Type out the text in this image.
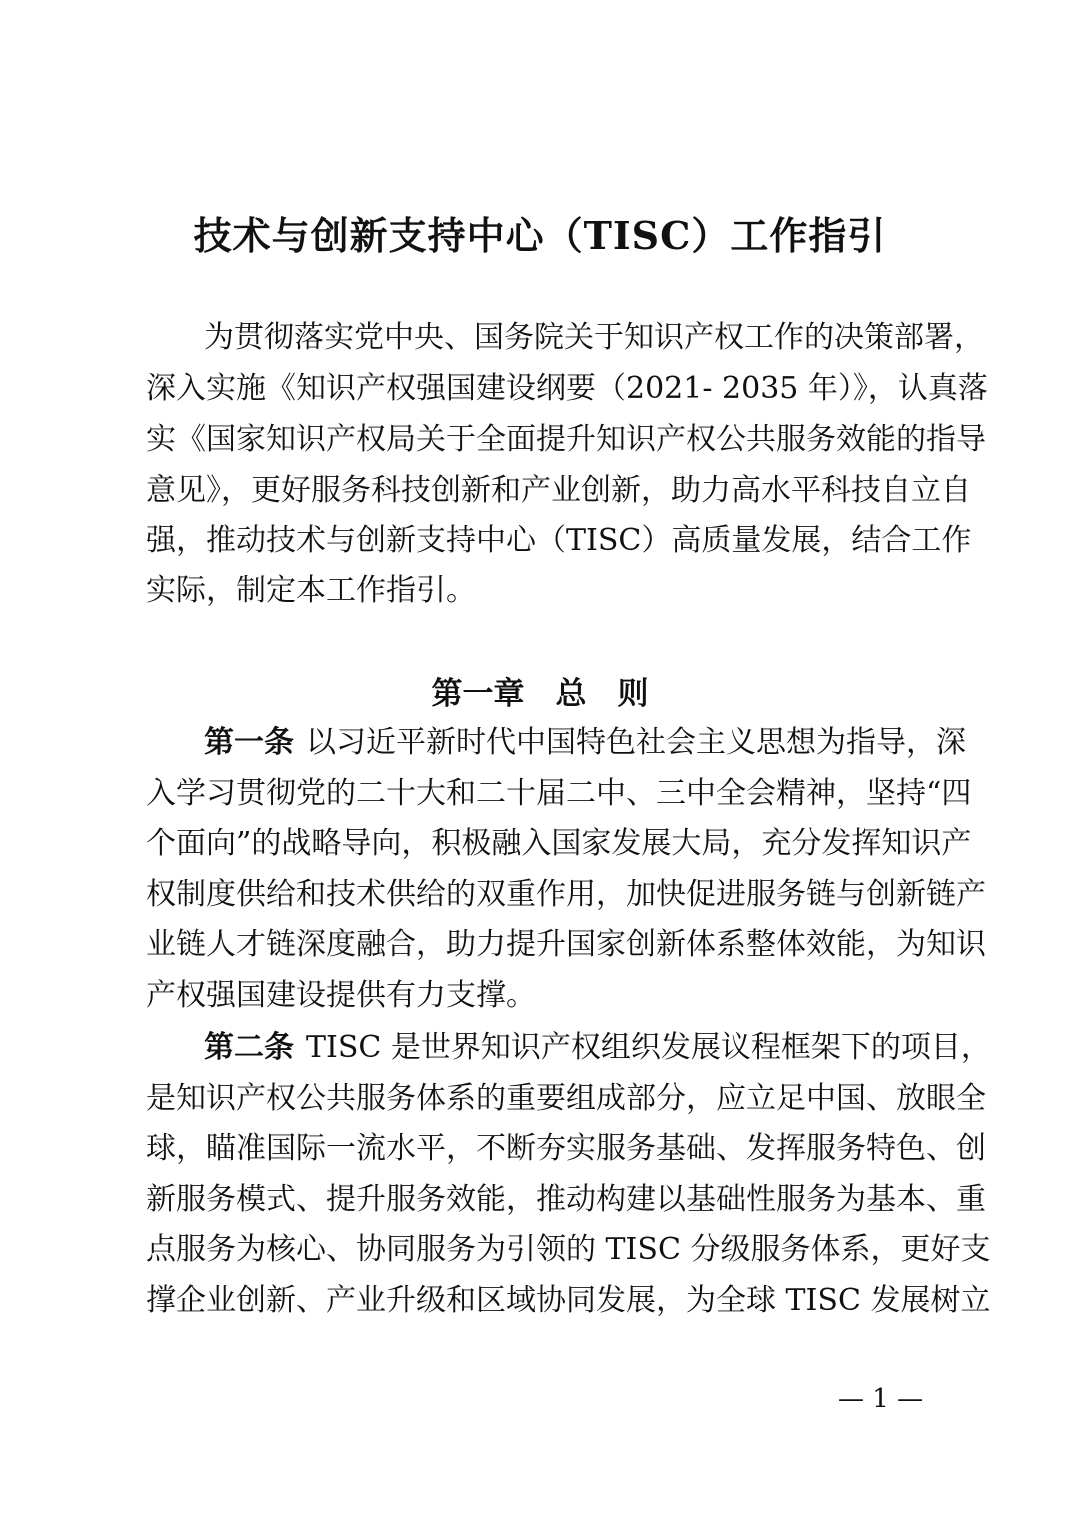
技术与创新支持中心（TISC）工作指引
为贯彻落实党中央、国务院关于知识产权工作的决策部署，
深入实施《知识产权强国建设纲要（2021- 2035 年）》，认真落
实《国家知识产权局关于全面提升知识产权公共服务效能的指导
意见》，更好服务科技创新和产业创新，助力高水平科技自立自
强，推动技术与创新支持中心（TISC）高质量发展，结合工作
实际，制定本工作指引。
第一章　总　则
第一条 以习近平新时代中国特色社会主义思想为指导，深
入学习贯彻党的二十大和二十届二中、三中全会精神，坚持“四
个面向”的战略导向，积极融入国家发展大局，充分发挥知识产
权制度供给和技术供给的双重作用，加快促进服务链与创新链产
业链人才链深度融合，助力提升国家创新体系整体效能，为知识
产权强国建设提供有力支撑。
第二条 TISC 是世界知识产权组织发展议程框架下的项目，
是知识产权公共服务体系的重要组成部分，应立足中国、放眼全
球，瞄准国际一流水平，不断夯实服务基础、发挥服务特色、创
新服务模式、提升服务效能，推动构建以基础性服务为基本、重
点服务为核心、协同服务为引领的 TISC 分级服务体系，更好支
撑企业创新、产业升级和区域协同发展，为全球 TISC 发展树立
— 1 —
